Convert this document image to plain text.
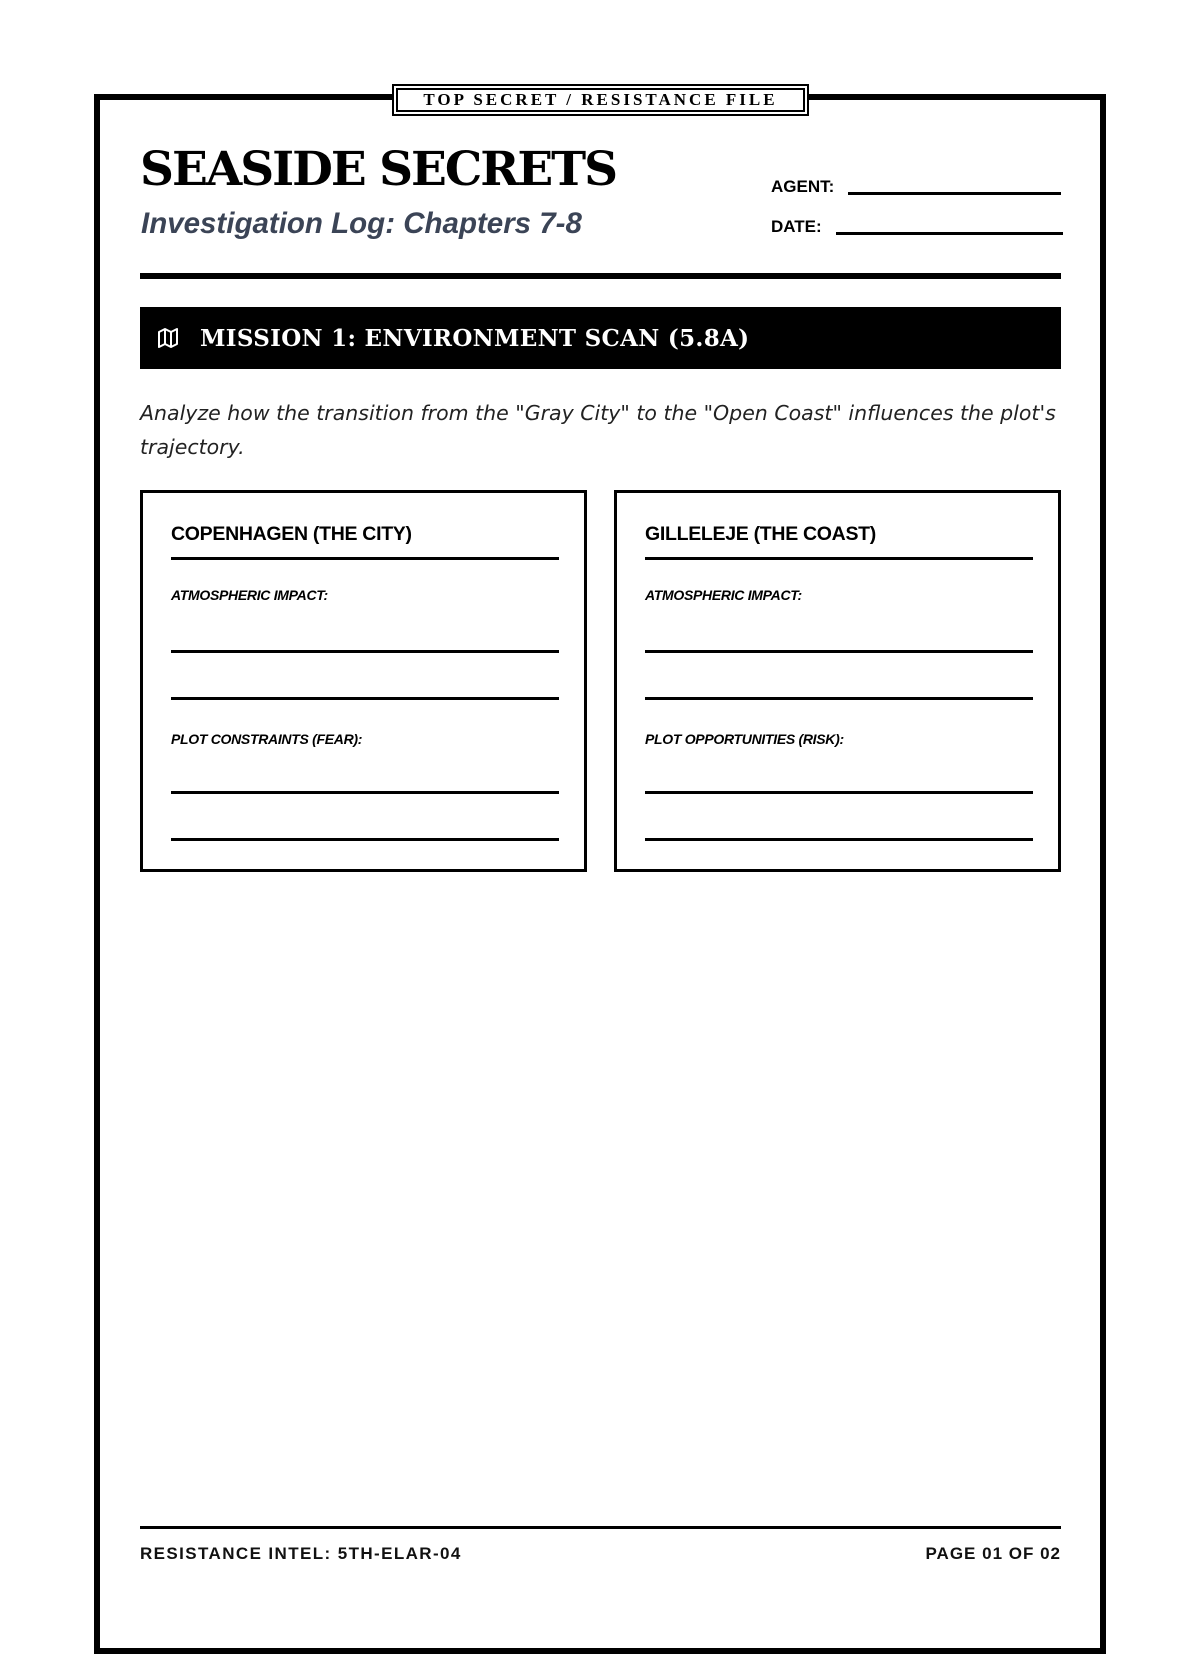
TOP SECRET / RESISTANCE FILE
SEASIDE SECRETS
Investigation Log: Chapters 7-8
AGENT:
DATE:
MISSION 1: ENVIRONMENT SCAN (5.8A)

Analyze how the transition from the "Gray City" to the "Open Coast" influences the plot's trajectory.

COPENHAGEN (THE CITY)
ATMOSPHERIC IMPACT:
PLOT CONSTRAINTS (FEAR):
GILLELEJE (THE COAST)
ATMOSPHERIC IMPACT:
PLOT OPPORTUNITIES (RISK):
RESISTANCE INTEL: 5TH-ELAR-04	PAGE 01 OF 02
